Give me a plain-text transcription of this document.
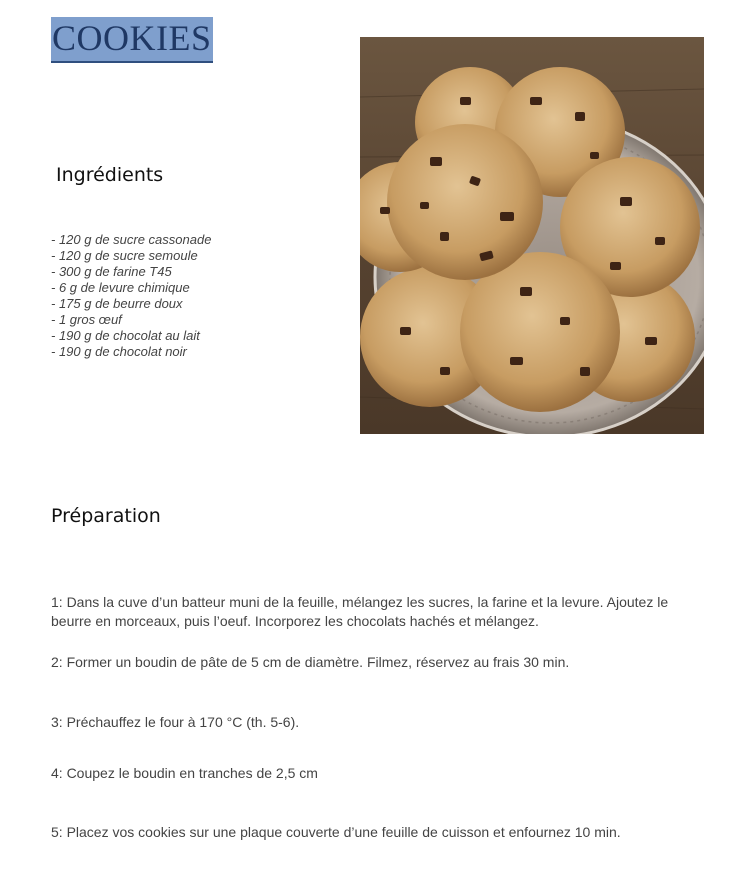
COOKIES
Ingrédients
- 120 g de sucre cassonade
- 120 g de sucre semoule
- 300 g de farine T45
- 6 g de levure chimique
- 175 g de beurre doux
- 1 gros œuf
- 190 g de chocolat au lait
- 190 g de chocolat noir
Préparation

1: Dans la cuve d’un batteur muni de la feuille, mélangez les sucres, la farine et la levure. Ajoutez le beurre en morceaux, puis l’oeuf. Incorporez les chocolats hachés et mélangez.

2: Former un boudin de pâte de 5 cm de diamètre. Filmez, réservez au frais 30 min.

3: Préchauffez le four à 170 °C (th. 5-6).

4: Coupez le boudin en tranches de 2,5 cm

5: Placez vos cookies sur une plaque couverte d’une feuille de cuisson et enfournez 10 min.
